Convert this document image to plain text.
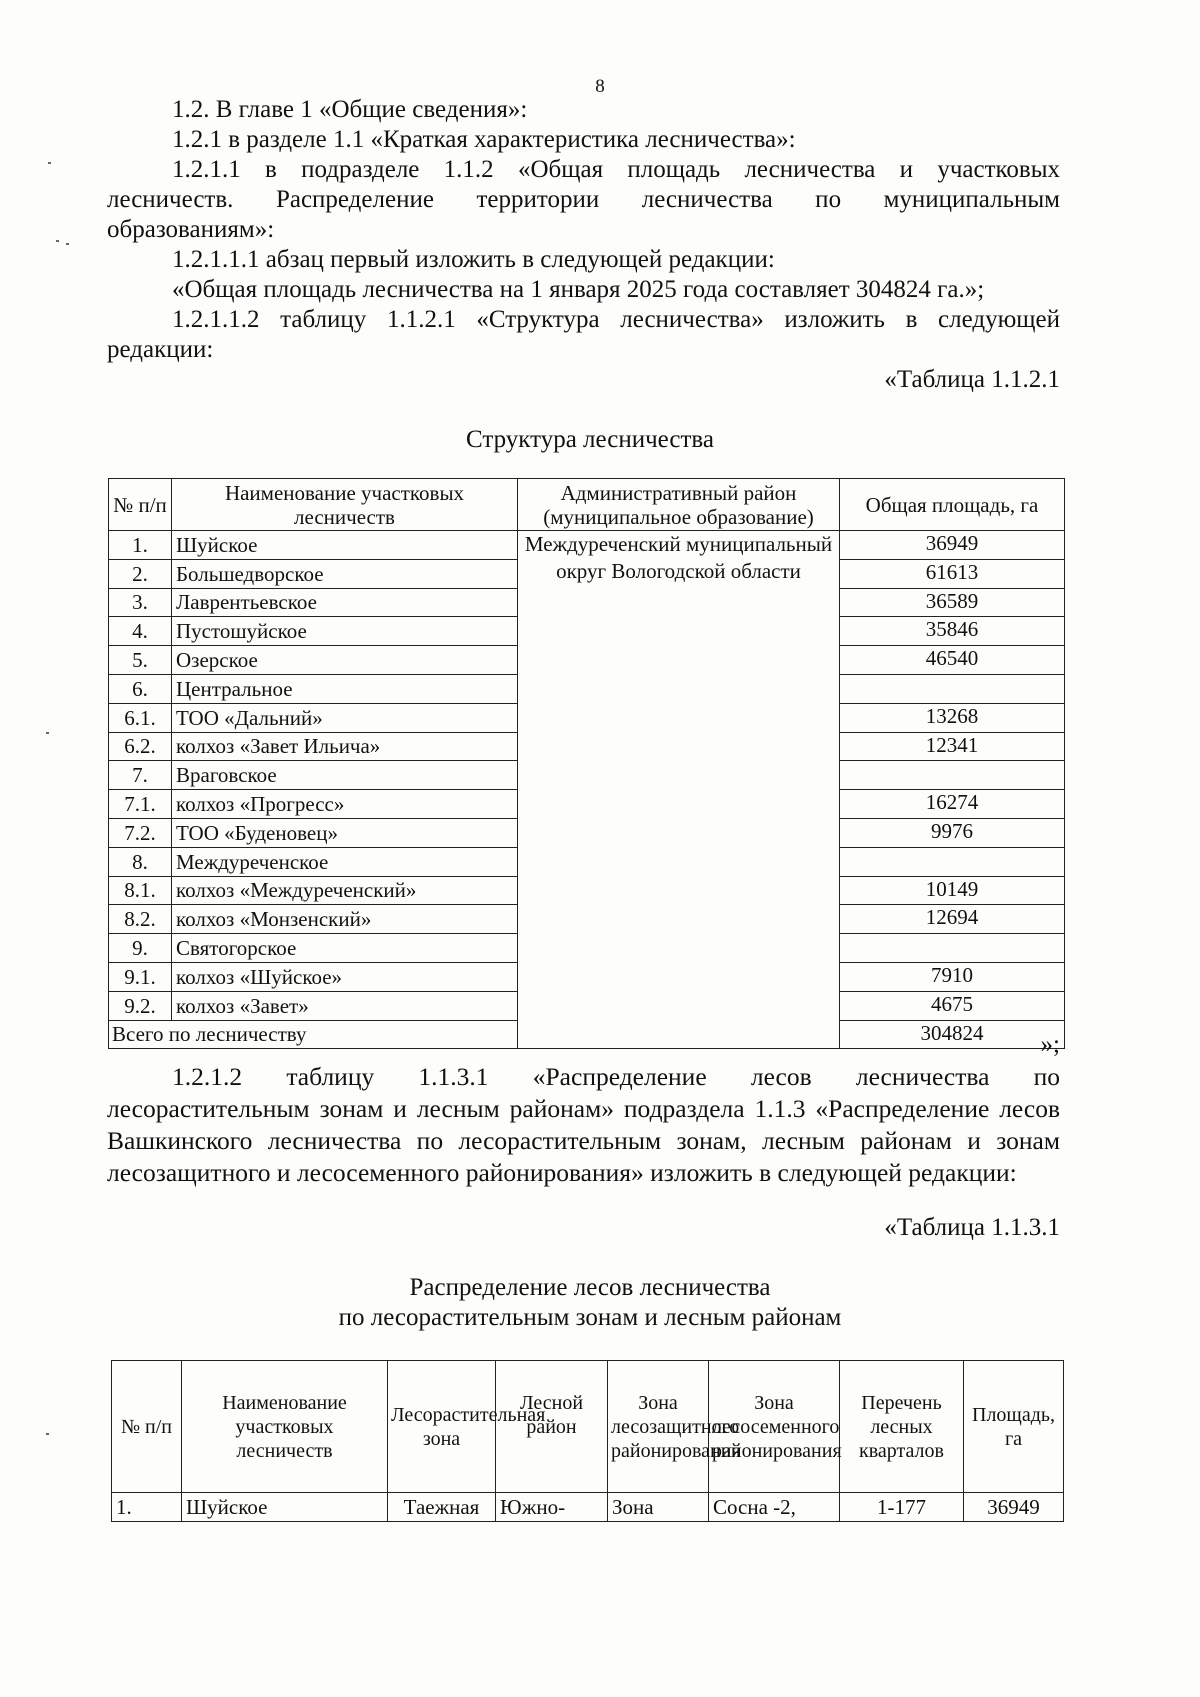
8
1.2. В главе 1 «Общие сведения»:
1.2.1 в разделе 1.1 «Краткая характеристика лесничества»:
1.2.1.1 в подразделе 1.1.2 «Общая площадь лесничества и участковых
лесничеств. Распределение территории лесничества по муниципальным
образованиям»:
1.2.1.1.1 абзац первый изложить в следующей редакции:
«Общая площадь лесничества на 1 января 2025 года составляет 304824 га.»;
1.2.1.1.2 таблицу 1.1.2.1 «Структура лесничества» изложить в следующей
редакции:
«Таблица 1.1.2.1
Структура лесничества
№ п/п	Наименование участковых лесничеств	Административный район (муниципальное образование)	Общая площадь, га
1.	Шуйское	Междуреченский муниципальный округ Вологодской области	36949
2.	Большедворское		61613
3.	Лаврентьевское		36589
4.	Пустошуйское		35846
5.	Озерское		46540
6.	Центральное		
6.1.	ТОО «Дальний»		13268
6.2.	колхоз «Завет Ильича»		12341
7.	Враговское		
7.1.	колхоз «Прогресс»		16274
7.2.	ТОО «Буденовец»		9976
8.	Междуреченское		
8.1.	колхоз «Междуреченский»		10149
8.2.	колхоз «Монзенский»		12694
9.	Святогорское		
9.1.	колхоз «Шуйское»		7910
9.2.	колхоз «Завет»		4675
Всего по лесничеству			304824	»;
1.2.1.2 таблицу 1.1.3.1 «Распределение лесов лесничества по
лесорастительным зонам и лесным районам» подраздела 1.1.3 «Распределение лесов
Вашкинского лесничества по лесорастительным зонам, лесным районам и зонам
лесозащитного и лесосеменного районирования» изложить в следующей редакции:
«Таблица 1.1.3.1
Распределение лесов лесничества
по лесорастительным зонам и лесным районам
№ п/п	Наименование участковых лесничеств	Лесорастительная зона	Лесной район	Зона лесозащитного районирования	Зона лесосеменного районирования	Перечень лесных кварталов	Площадь, га
1.	Шуйское	Таежная	Южно-	Зона	Сосна -2,	1-177	36949
